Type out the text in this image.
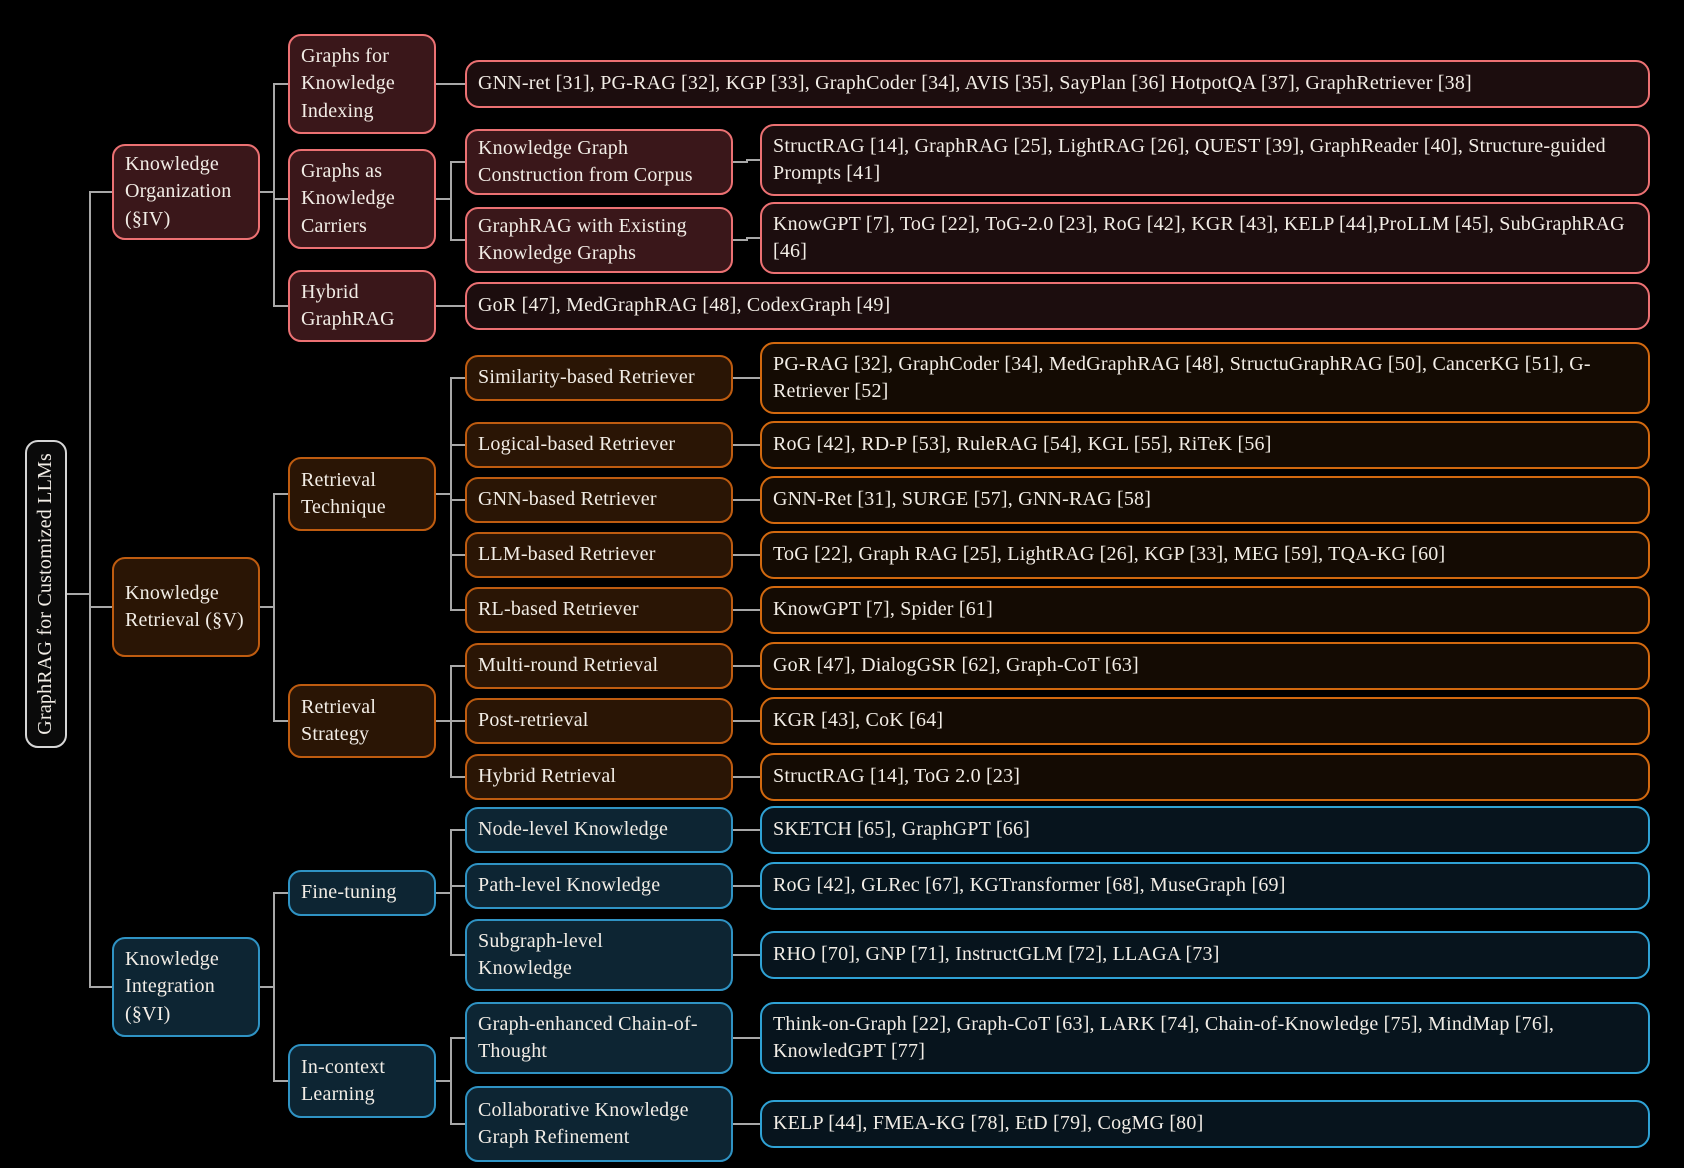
GraphRAG for Customized LLMs
Knowledge Organization (§IV)
Knowledge Retrieval (§V)
Knowledge Integration (§VI)
Graphs for Knowledge Indexing
Graphs as Knowledge Carriers
Hybrid GraphRAG
Retrieval Technique
Retrieval Strategy
Fine-tuning
In-context Learning
Knowledge Graph Construction from Corpus
GraphRAG with Existing Knowledge Graphs
Similarity-based Retriever
Logical-based Retriever
GNN-based Retriever
LLM-based Retriever
RL-based Retriever
Multi-round Retrieval
Post-retrieval
Hybrid Retrieval
Node-level Knowledge
Path-level Knowledge
Subgraph-level Knowledge
Graph-enhanced Chain-of-Thought
Collaborative Knowledge Graph Refinement
GNN-ret [31], PG-RAG [32], KGP [33], GraphCoder [34], AVIS [35], SayPlan [36] HotpotQA [37], GraphRetriever [38]
GoR [47], MedGraphRAG [48], CodexGraph [49]
StructRAG [14], GraphRAG [25], LightRAG [26], QUEST [39], GraphReader [40], Structure-guided Prompts [41]
KnowGPT [7], ToG [22], ToG-2.0 [23], RoG [42], KGR [43], KELP [44],ProLLM [45], SubGraphRAG [46]
PG-RAG [32], GraphCoder [34], MedGraphRAG [48], StructuGraphRAG [50], CancerKG [51], G-Retriever [52]
RoG [42], RD-P [53], RuleRAG [54], KGL [55], RiTeK [56]
GNN-Ret [31], SURGE [57], GNN-RAG [58]
ToG [22], Graph RAG [25], LightRAG [26], KGP [33], MEG [59], TQA-KG [60]
KnowGPT [7], Spider [61]
GoR [47], DialogGSR [62], Graph-CoT [63]
KGR [43], CoK [64]
StructRAG [14], ToG 2.0 [23]
SKETCH [65], GraphGPT [66]
RoG [42], GLRec [67], KGTransformer [68], MuseGraph [69]
RHO [70], GNP [71], InstructGLM [72], LLAGA [73]
Think-on-Graph [22], Graph-CoT [63], LARK [74], Chain-of-Knowledge [75], MindMap [76], KnowledGPT [77]
KELP [44], FMEA-KG [78], EtD [79], CogMG [80]
